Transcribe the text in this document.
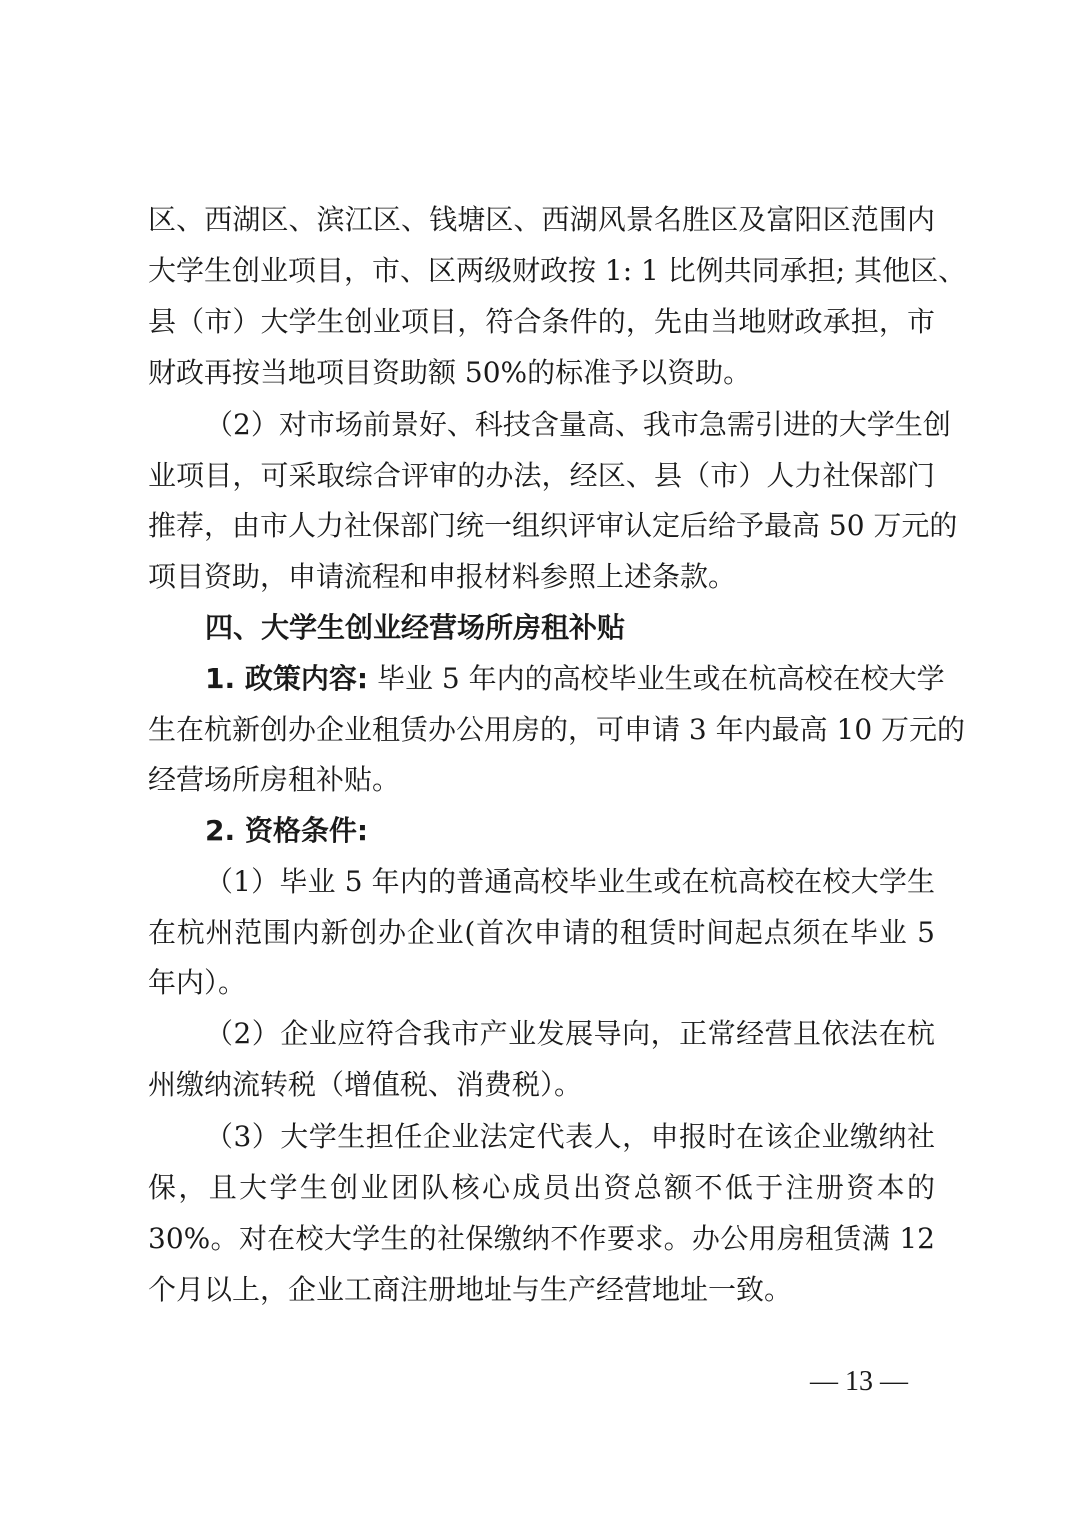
区、西湖区、滨江区、钱塘区、西湖风景名胜区及富阳区范围内
大学生创业项目，市、区两级财政按 1: 1 比例共同承担; 其他区、
县（市）大学生创业项目，符合条件的，先由当地财政承担，市
财政再按当地项目资助额 50%的标准予以资助。
（2）对市场前景好、科技含量高、我市急需引进的大学生创
业项目，可采取综合评审的办法，经区、县（市）人力社保部门
推荐，由市人力社保部门统一组织评审认定后给予最高 50 万元的
项目资助，申请流程和申报材料参照上述条款。
四、大学生创业经营场所房租补贴
1. 政策内容: 毕业 5 年内的高校毕业生或在杭高校在校大学
生在杭新创办企业租赁办公用房的，可申请 3 年内最高 10 万元的
经营场所房租补贴。
2. 资格条件:
（1）毕业 5 年内的普通高校毕业生或在杭高校在校大学生
在杭州范围内新创办企业(首次申请的租赁时间起点须在毕业 5
年内）。
（2）企业应符合我市产业发展导向，正常经营且依法在杭
州缴纳流转税（增值税、消费税）。
（3）大学生担任企业法定代表人，申报时在该企业缴纳社
保，且大学生创业团队核心成员出资总额不低于注册资本的
30%。对在校大学生的社保缴纳不作要求。办公用房租赁满 12
个月以上，企业工商注册地址与生产经营地址一致。
— 13 —
